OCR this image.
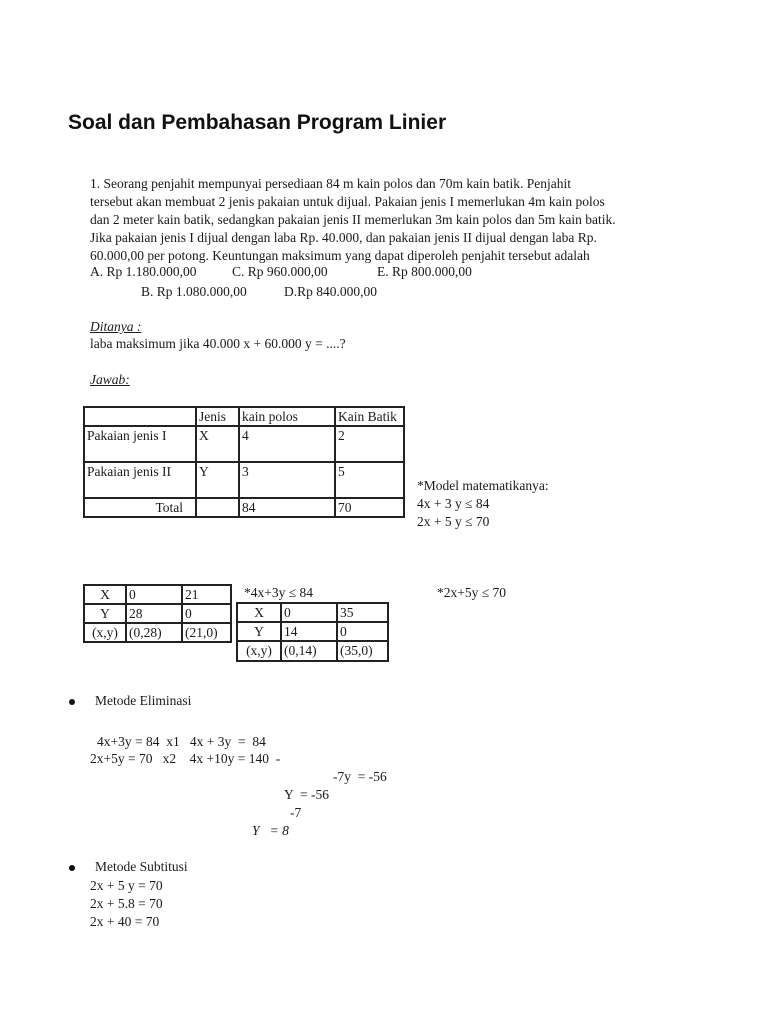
Soal dan Pembahasan Program Linier
1. Seorang penjahit mempunyai persediaan 84 m kain polos dan 70m kain batik. Penjahit
tersebut akan membuat 2 jenis pakaian untuk dijual. Pakaian jenis I memerlukan 4m kain polos
dan 2 meter kain batik, sedangkan pakaian jenis II memerlukan 3m kain polos dan 5m kain batik.
Jika pakaian jenis I dijual dengan laba Rp. 40.000, dan pakaian jenis II dijual dengan laba Rp.
60.000,00 per potong. Keuntungan maksimum yang dapat diperoleh penjahit tersebut adalah
A. Rp 1.180.000,00	C. Rp 960.000,00	E. Rp 800.000,00
B. Rp 1.080.000,00	D.Rp 840.000,00
Ditanya :
laba maksimum jika 40.000 x + 60.000 y = ....?
Jawab:
	Jenis	kain polos	Kain Batik
Pakaian jenis I	X	4	2
Pakaian jenis II	Y	3	5
Total		84	70
*Model matematikanya:
4x + 3 y ≤ 84
2x + 5 y ≤ 70
X	0	21
Y	28	0
(x,y)	(0,28)	(21,0)
*4x+3y ≤ 84	*2x+5y ≤ 70
X	0	35
Y	14	0
(x,y)	(0,14)	(35,0)
Metode Eliminasi
4x+3y = 84  x1   4x + 3y  =  84
2x+5y = 70   x2    4x +10y = 140  -
-7y  = -56
Y  = -56
-7
Y   = 8
Metode Subtitusi
2x + 5 y = 70
2x + 5.8 = 70
2x + 40 = 70
